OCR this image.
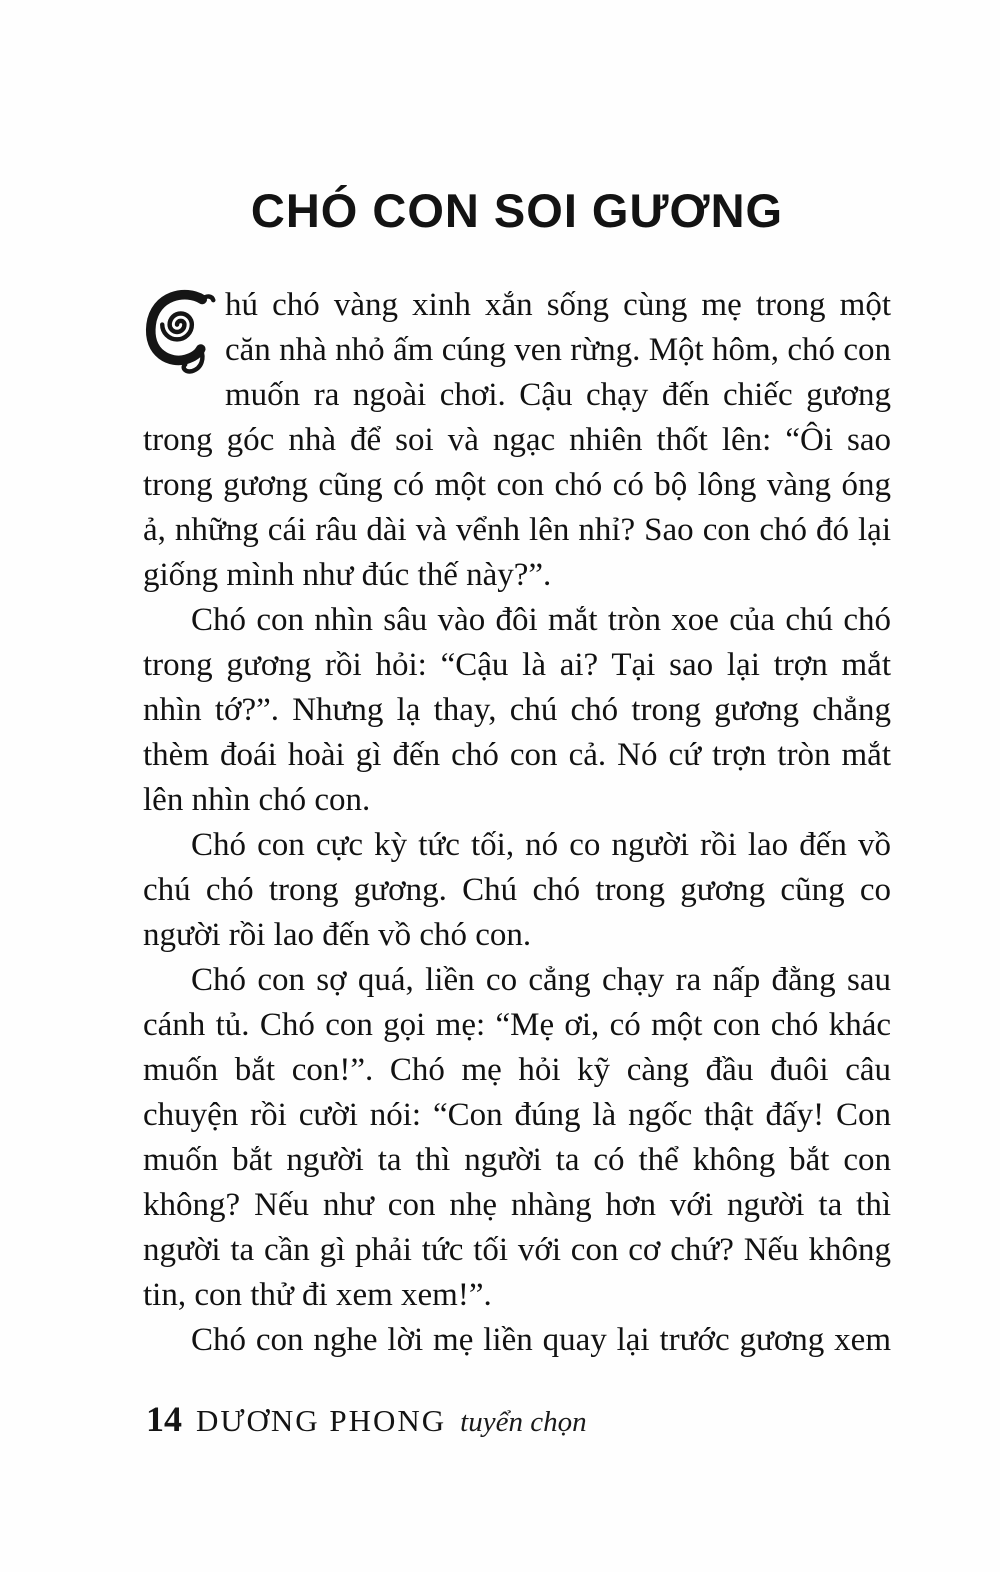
CHÓ CON SOI GƯƠNG

hú chó vàng xinh xắn sống cùng mẹ trong một căn nhà nhỏ ấm cúng ven rừng. Một hôm, chó con muốn ra ngoài chơi. Cậu chạy đến chiếc gương trong góc nhà để soi và ngạc nhiên thốt lên: “Ôi sao trong gương cũng có một con chó có bộ lông vàng óng ả, những cái râu dài và vểnh lên nhỉ? Sao con chó đó lại giống mình như đúc thế này?”.

Chó con nhìn sâu vào đôi mắt tròn xoe của chú chó trong gương rồi hỏi: “Cậu là ai? Tại sao lại trợn mắt nhìn tớ?”. Nhưng lạ thay, chú chó trong gương chẳng thèm đoái hoài gì đến chó con cả. Nó cứ trợn tròn mắt lên nhìn chó con.

Chó con cực kỳ tức tối, nó co người rồi lao đến vồ chú chó trong gương. Chú chó trong gương cũng co người rồi lao đến vồ chó con.

Chó con sợ quá, liền co cẳng chạy ra nấp đằng sau cánh tủ. Chó con gọi mẹ: “Mẹ ơi, có một con chó khác muốn bắt con!”. Chó mẹ hỏi kỹ càng đầu đuôi câu chuyện rồi cười nói: “Con đúng là ngốc thật đấy! Con muốn bắt người ta thì người ta có thể không bắt con không? Nếu như con nhẹ nhàng hơn với người ta thì người ta cần gì phải tức tối với con cơ chứ? Nếu không tin, con thử đi xem xem!”.

Chó con nghe lời mẹ liền quay lại trước gương xem

14 DƯƠNG PHONG tuyển chọn
